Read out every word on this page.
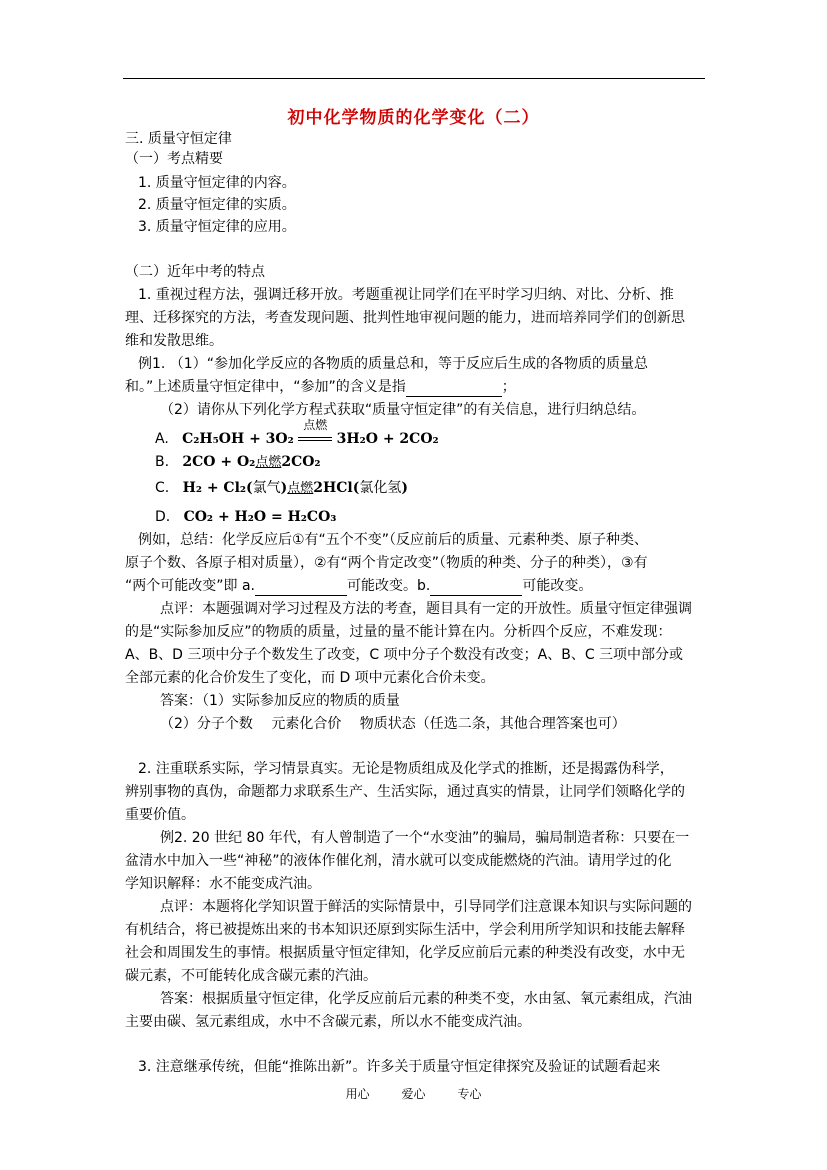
初中化学物质的化学变化（二）
三. 质量守恒定律
（一）考点精要
1. 质量守恒定律的内容。
2. 质量守恒定律的实质。
3. 质量守恒定律的应用。
（二）近年中考的特点
1. 重视过程方法，强调迁移开放。考题重视让同学们在平时学习归纳、对比、分析、推
理、迁移探究的方法，考查发现问题、批判性地审视问题的能力，进而培养同学们的创新思
维和发散思维。
例1. （1）“参加化学反应的各物质的质量总和，等于反应后生成的各物质的质量总
和。”上述质量守恒定律中，“参加”的含义是指	；
（2）请你从下列化学方程式获取“质量守恒定律”的有关信息，进行归纳总结。
A. C₂H₅OH + 3O₂
点燃
3H₂O + 2CO₂
B. 2CO + O₂点燃2CO₂
C. H₂ + Cl₂(氯气)点燃2HCl(氯化氢)
D. CO₂ + H₂O = H₂CO₃
例如，总结：化学反应后①有“五个不变”（反应前后的质量、元素种类、原子种类、
原子个数、各原子相对质量），②有“两个肯定改变”（物质的种类、分子的种类），③有
“两个可能改变”即 a.	可能改变。b.	可能改变。
点评：本题强调对学习过程及方法的考查，题目具有一定的开放性。质量守恒定律强调
的是“实际参加反应”的物质的质量，过量的量不能计算在内。分析四个反应，不难发现：
A、B、D 三项中分子个数发生了改变，C 项中分子个数没有改变；A、B、C 三项中部分或
全部元素的化合价发生了变化，而 D 项中元素化合价未变。
答案：（1）实际参加反应的物质的质量
（2）分子个数　 元素化合价　 物质状态（任选二条，其他合理答案也可）
2. 注重联系实际，学习情景真实。无论是物质组成及化学式的推断，还是揭露伪科学，
辨别事物的真伪，命题都力求联系生产、生活实际，通过真实的情景，让同学们领略化学的
重要价值。
例2. 20 世纪 80 年代，有人曾制造了一个“水变油”的骗局，骗局制造者称：只要在一
盆清水中加入一些“神秘”的液体作催化剂，清水就可以变成能燃烧的汽油。请用学过的化
学知识解释：水不能变成汽油。
点评：本题将化学知识置于鲜活的实际情景中，引导同学们注意课本知识与实际问题的
有机结合，将已被提炼出来的书本知识还原到实际生活中，学会利用所学知识和技能去解释
社会和周围发生的事情。根据质量守恒定律知，化学反应前后元素的种类没有改变，水中无
碳元素，不可能转化成含碳元素的汽油。
答案：根据质量守恒定律，化学反应前后元素的种类不变，水由氢、氧元素组成，汽油
主要由碳、氢元素组成，水中不含碳元素，所以水不能变成汽油。
3. 注意继承传统，但能“推陈出新”。许多关于质量守恒定律探究及验证的试题看起来
用心	爱心	专心
